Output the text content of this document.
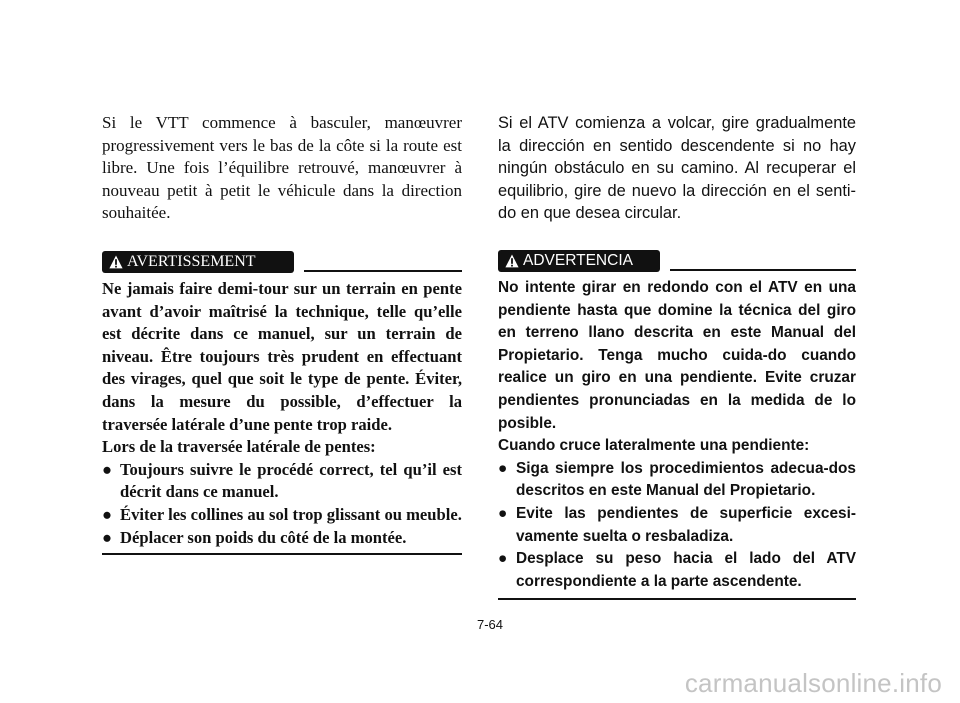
Si le VTT commence à basculer, manœuvrer progressivement vers le bas de la côte si la route est libre. Une fois l’équilibre retrouvé, manœuvrer à nouveau petit à petit le véhicule dans la direction souhaitée.

AVERTISSEMENT

Ne jamais faire demi-tour sur un terrain en pente avant d’avoir maîtrisé la technique, telle qu’elle est décrite dans ce manuel, sur un terrain de niveau. Être toujours très prudent en effectuant des virages, quel que soit le type de pente. Éviter, dans la mesure du possible, d’effectuer la traversée latérale d’une pente trop raide.

Lors de la traversée latérale de pentes:

● Toujours suivre le procédé correct, tel qu’il est décrit dans ce manuel.
● Éviter les collines au sol trop glissant ou meuble.
● Déplacer son poids du côté de la montée.

Si el ATV comienza a volcar, gire gradualmente la dirección en sentido descendente si no hay ningún obstáculo en su camino. Al recuperar el equilibrio, gire de nuevo la dirección en el senti-do en que desea circular.

ADVERTENCIA

No intente girar en redondo con el ATV en una pendiente hasta que domine la técnica del giro en terreno llano descrita en este Manual del Propietario. Tenga mucho cuida-do cuando realice un giro en una pendiente. Evite cruzar pendientes pronunciadas en la medida de lo posible.

Cuando cruce lateralmente una pendiente:

● Siga siempre los procedimientos adecua-dos descritos en este Manual del Propietario.
● Evite las pendientes de superficie excesi-vamente suelta o resbaladiza.
● Desplace su peso hacia el lado del ATV correspondiente a la parte ascendente.
7-64
carmanualsonline.info
